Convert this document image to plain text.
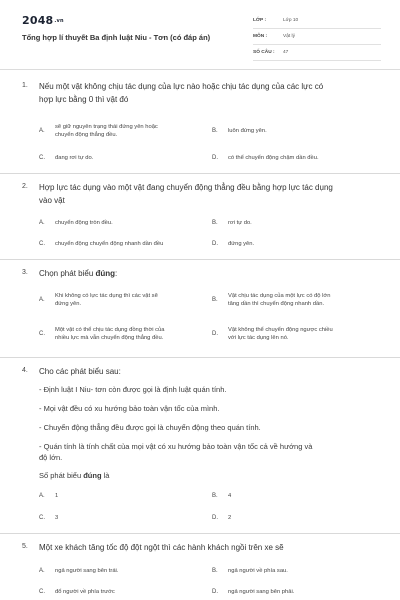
2048.vn
Tổng hợp lí thuyết Ba định luật Niu - Tơn (có đáp án)
LỚP :	Lớp 10
MÔN :	Vật lý
SỐ CÂU : 47
1. Nếu một vật không chịu tác dụng của lực nào hoặc chịu tác dụng của các lực có
hợp lực bằng 0 thì vật đó
A.
sẽ giữ nguyên trạng thái đứng yên hoặc
chuyển động thẳng đều.
B. luôn đứng yên.
C. đang rơi tự do.	D. có thể chuyển động chậm dần đều.
2. Hợp lực tác dụng vào một vật đang chuyển động thẳng đều bằng hợp lực tác dụng
vào vật
A. chuyển động tròn đều.	B. rơi tự do.
C. chuyển động chuyển động nhanh dần đều	D. đứng yên.
3. Chọn phát biểu đúng:
A.
Khi không có lực tác dụng thì các vật sẽ
đứng yên.
B.
Vật chịu tác dụng của một lực có độ lớn
tăng dần thì chuyển động nhanh dần.
C.
Một vật có thể chịu tác dụng đồng thời của
nhiều lực mà vẫn chuyển động thẳng đều.
D.
Vật không thể chuyển động ngược chiều
với lực tác dụng lên nó.
4. Cho các phát biểu sau:
- Định luật I Niu- tơn còn được gọi là định luật quán tính.
- Mọi vật đều có xu hướng bảo toàn vận tốc của mình.
- Chuyển động thẳng đều được gọi là chuyển động theo quán tính.
- Quán tính là tính chất của mọi vật có xu hướng bảo toàn vận tốc cả về hướng và
độ lớn.
Số phát biểu đúng là
A. 1	B. 4
C. 3	D. 2
5. Một xe khách tăng tốc độ đột ngột thì các hành khách ngồi trên xe sẽ
A. ngả người sang bên trái.	B. ngả người về phía sau.
C. đổ người về phía trước	D. ngả người sang bên phải.
